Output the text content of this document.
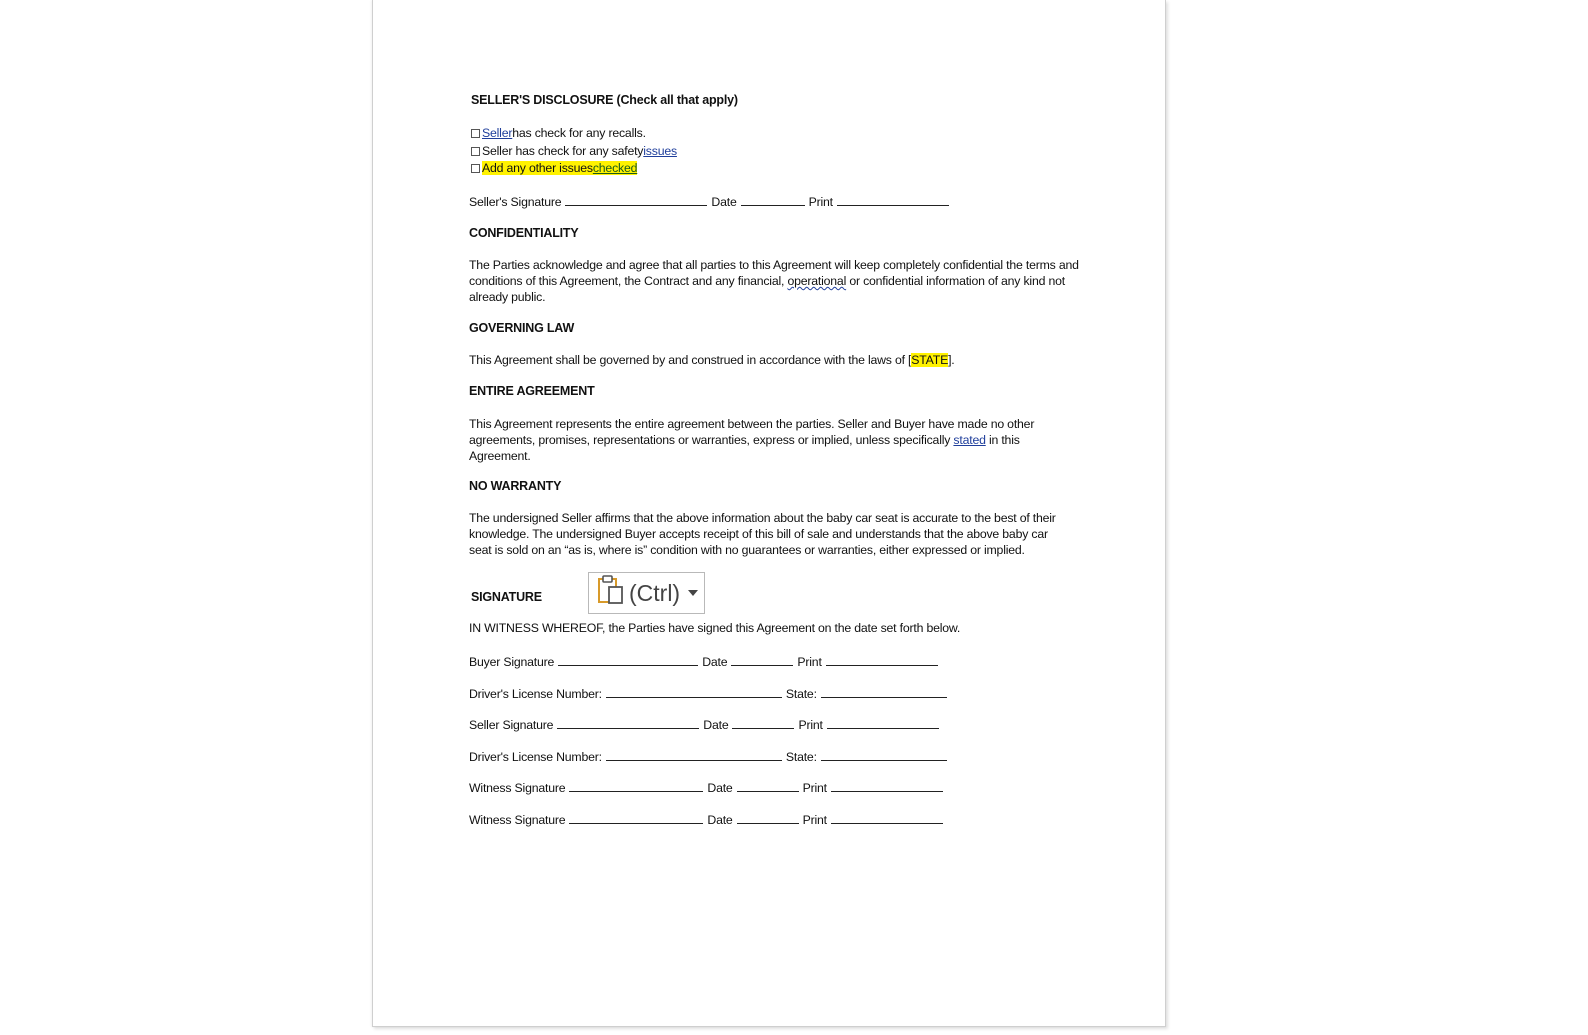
SELLER'S DISCLOSURE (Check all that apply)
Seller has check for any recalls.
Seller has check for any safety issues
Add any other issues checked
Seller's Signature	Date	Print
CONFIDENTIALITY
The Parties acknowledge and agree that all parties to this Agreement will keep completely confidential the terms and conditions of this Agreement, the Contract and any financial, operational or confidential information of any kind not already public.
GOVERNING LAW
This Agreement shall be governed by and construed in accordance with the laws of [STATE].
ENTIRE AGREEMENT
This Agreement represents the entire agreement between the parties. Seller and Buyer have made no other agreements, promises, representations or warranties, express or implied, unless specifically stated in this Agreement.
NO WARRANTY
The undersigned Seller affirms that the above information about the baby car seat is accurate to the best of their knowledge. The undersigned Buyer accepts receipt of this bill of sale and understands that the above baby car seat is sold on an “as is, where is” condition with no guarantees or warranties, either expressed or implied.
SIGNATURE
IN WITNESS WHEREOF, the Parties have signed this Agreement on the date set forth below.
Buyer Signature	Date	Print
Driver's License Number:	State:
Seller Signature	Date	Print
Driver's License Number:	State:
Witness Signature	Date	Print
Witness Signature	Date	Print
(Ctrl)
